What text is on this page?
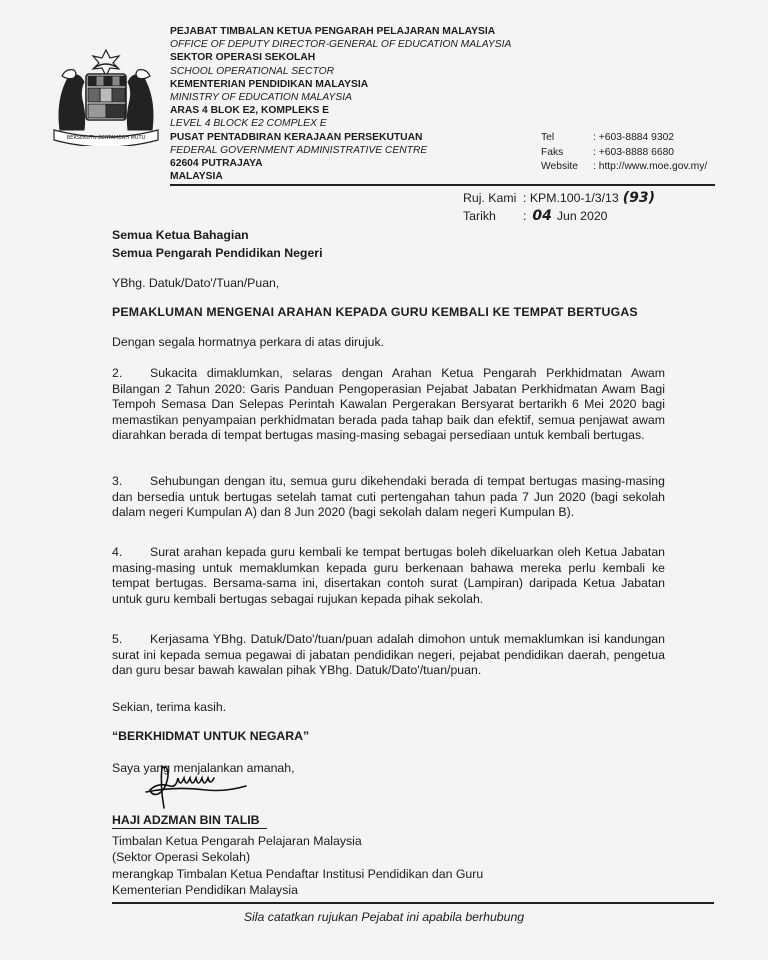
BERSEKUTU BERTAMBAH MUTU
PEJABAT TIMBALAN KETUA PENGARAH PELAJARAN MALAYSIA
OFFICE OF DEPUTY DIRECTOR-GENERAL OF EDUCATION MALAYSIA
SEKTOR OPERASI SEKOLAH
SCHOOL OPERATIONAL SECTOR
KEMENTERIAN PENDIDIKAN MALAYSIA
MINISTRY OF EDUCATION MALAYSIA
ARAS 4 BLOK E2, KOMPLEKS E
LEVEL 4 BLOCK E2 COMPLEX E
PUSAT PENTADBIRAN KERAJAAN PERSEKUTUAN
FEDERAL GOVERNMENT ADMINISTRATIVE CENTRE
62604 PUTRAJAYA
MALAYSIA
Tel	: +603-8884 9302
Faks	: +603-8888 6680
Website	: http://www.moe.gov.my/
Ruj. Kami : KPM.100-1/3/13 (93)
Tarikh	: 04 Jun 2020
Semua Ketua Bahagian
Semua Pengarah Pendidikan Negeri
YBhg. Datuk/Dato'/Tuan/Puan,
PEMAKLUMAN MENGENAI ARAHAN KEPADA GURU KEMBALI KE TEMPAT BERTUGAS
Dengan segala hormatnya perkara di atas dirujuk.
2. Sukacita dimaklumkan, selaras dengan Arahan Ketua Pengarah Perkhidmatan Awam Bilangan 2 Tahun 2020: Garis Panduan Pengoperasian Pejabat Jabatan Perkhidmatan Awam Bagi Tempoh Semasa Dan Selepas Perintah Kawalan Pergerakan Bersyarat bertarikh 6 Mei 2020 bagi memastikan penyampaian perkhidmatan berada pada tahap baik dan efektif, semua penjawat awam diarahkan berada di tempat bertugas masing-masing sebagai persediaan untuk kembali bertugas.
3. Sehubungan dengan itu, semua guru dikehendaki berada di tempat bertugas masing-masing dan bersedia untuk bertugas setelah tamat cuti pertengahan tahun pada 7 Jun 2020 (bagi sekolah dalam negeri Kumpulan A) dan 8 Jun 2020 (bagi sekolah dalam negeri Kumpulan B).
4. Surat arahan kepada guru kembali ke tempat bertugas boleh dikeluarkan oleh Ketua Jabatan masing-masing untuk memaklumkan kepada guru berkenaan bahawa mereka perlu kembali ke tempat bertugas. Bersama-sama ini, disertakan contoh surat (Lampiran) daripada Ketua Jabatan untuk guru kembali bertugas sebagai rujukan kepada pihak sekolah.
5. Kerjasama YBhg. Datuk/Dato'/tuan/puan adalah dimohon untuk memaklumkan isi kandungan surat ini kepada semua pegawai di jabatan pendidikan negeri, pejabat pendidikan daerah, pengetua dan guru besar bawah kawalan pihak YBhg. Datuk/Dato'/tuan/puan.
Sekian, terima kasih.
“BERKHIDMAT UNTUK NEGARA”
Saya yang menjalankan amanah,
HAJI ADZMAN BIN TALIB
Timbalan Ketua Pengarah Pelajaran Malaysia
(Sektor Operasi Sekolah)
merangkap Timbalan Ketua Pendaftar Institusi Pendidikan dan Guru
Kementerian Pendidikan Malaysia
Sila catatkan rujukan Pejabat ini apabila berhubung
